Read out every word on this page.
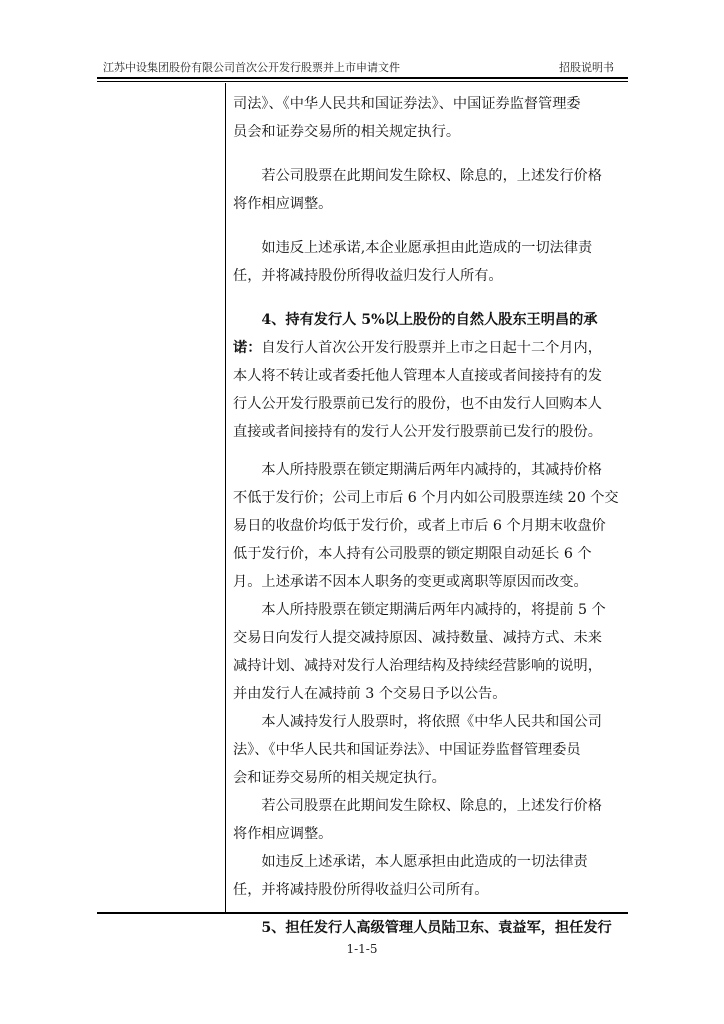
江苏中设集团股份有限公司首次公开发行股票并上市申请文件	招股说明书
司法》、《中华人民共和国证券法》、中国证券监督管理委
员会和证券交易所的相关规定执行。
　　若公司股票在此期间发生除权、除息的，上述发行价格
将作相应调整。
　　如违反上述承诺,本企业愿承担由此造成的一切法律责
任，并将减持股份所得收益归发行人所有。
　　4、持有发行人 5%以上股份的自然人股东王明昌的承
诺：自发行人首次公开发行股票并上市之日起十二个月内，
本人将不转让或者委托他人管理本人直接或者间接持有的发
行人公开发行股票前已发行的股份，也不由发行人回购本人
直接或者间接持有的发行人公开发行股票前已发行的股份。
　　本人所持股票在锁定期满后两年内减持的，其减持价格
不低于发行价；公司上市后 6 个月内如公司股票连续 20 个交
易日的收盘价均低于发行价，或者上市后 6 个月期末收盘价
低于发行价，本人持有公司股票的锁定期限自动延长 6 个
月。上述承诺不因本人职务的变更或离职等原因而改变。
　　本人所持股票在锁定期满后两年内减持的，将提前 5 个
交易日向发行人提交减持原因、减持数量、减持方式、未来
减持计划、减持对发行人治理结构及持续经营影响的说明，
并由发行人在减持前 3 个交易日予以公告。
　　本人减持发行人股票时，将依照《中华人民共和国公司
法》、《中华人民共和国证券法》、中国证券监督管理委员
会和证券交易所的相关规定执行。
　　若公司股票在此期间发生除权、除息的，上述发行价格
将作相应调整。
　　如违反上述承诺，本人愿承担由此造成的一切法律责
任，并将减持股份所得收益归公司所有。
　　5、担任发行人高级管理人员陆卫东、袁益军，担任发行
1-1-5
